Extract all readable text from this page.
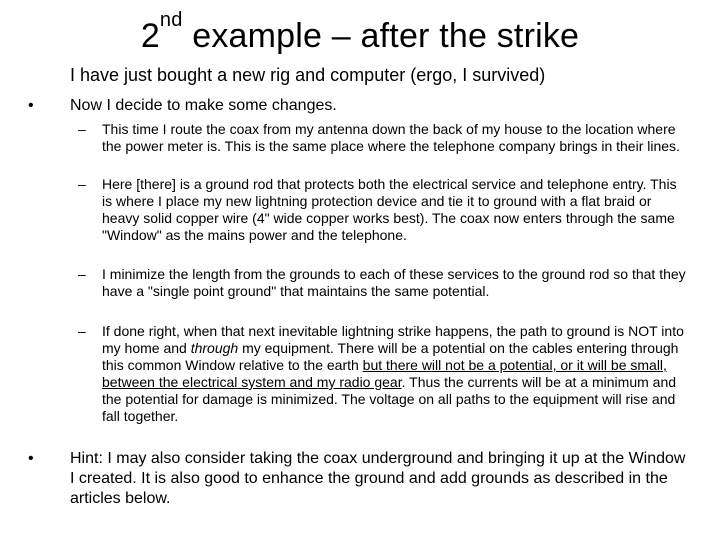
2nd example – after the strike
I have just bought a new rig and computer (ergo, I survived)
• Now I decide to make some changes.
– This time I route the coax from my antenna down the back of my house to the location where the power meter is. This is the same place where the telephone company brings in their lines.
– Here [there] is a ground rod that protects both the electrical service and telephone entry. This is where I place my new lightning protection device and tie it to ground with a flat braid or heavy solid copper wire (4" wide copper works best). The coax now enters through the same "Window" as the mains power and the telephone.
– I minimize the length from the grounds to each of these services to the ground rod so that they have a "single point ground" that maintains the same potential.
– If done right, when that next inevitable lightning strike happens, the path to ground is NOT into my home and through my equipment. There will be a potential on the cables entering through this common Window relative to the earth but there will not be a potential, or it will be small, between the electrical system and my radio gear. Thus the currents will be at a minimum and the potential for damage is minimized. The voltage on all paths to the equipment will rise and fall together.
• Hint: I may also consider taking the coax underground and bringing it up at the Window I created. It is also good to enhance the ground and add grounds as described in the articles below.
